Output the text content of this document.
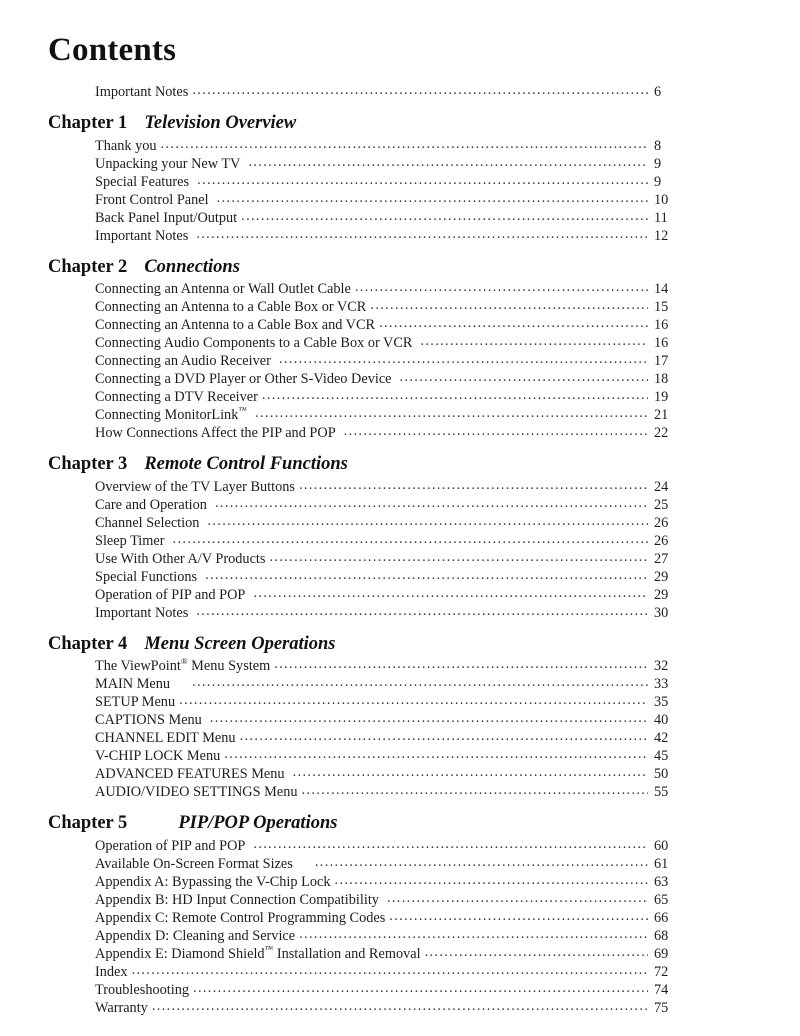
Contents
Important Notes .....	6
Chapter 1 Television Overview
Thank you .....	8
Unpacking your New TV .....	9
Special Features .....	9
Front Control Panel .....	10
Back Panel Input/Output .....	11
Important Notes .....	12
Chapter 2 Connections
Connecting an Antenna or Wall Outlet Cable .....	14
Connecting an Antenna to a Cable Box or VCR .....	15
Connecting an Antenna to a Cable Box and VCR .....	16
Connecting Audio Components to a Cable Box or VCR .....	16
Connecting an Audio Receiver .....	17
Connecting a DVD Player or Other S-Video Device .....	18
Connecting a DTV Receiver .....	19
Connecting MonitorLink™ .....	21
How Connections Affect the PIP and POP .....	22
Chapter 3 Remote Control Functions
Overview of the TV Layer Buttons .....	24
Care and Operation .....	25
Channel Selection .....	26
Sleep Timer .....	26
Use With Other A/V Products .....	27
Special Functions .....	29
Operation of PIP and POP .....	29
Important Notes .....	30
Chapter 4 Menu Screen Operations
The ViewPoint® Menu System .....	32
MAIN Menu .....	33
SETUP Menu .....	35
CAPTIONS Menu .....	40
CHANNEL EDIT Menu .....	42
V-CHIP LOCK Menu .....	45
ADVANCED FEATURES Menu .....	50
AUDIO/VIDEO SETTINGS Menu .....	55
Chapter 5	PIP/POP Operations
Operation of PIP and POP .....	60
Available On-Screen Format Sizes .....	61
Appendix A: Bypassing the V-Chip Lock .....	63
Appendix B: HD Input Connection Compatibility .....	65
Appendix C: Remote Control Programming Codes .....	66
Appendix D: Cleaning and Service .....	68
Appendix E: Diamond Shield™ Installation and Removal .....	69
Index .....	72
Troubleshooting .....	74
Warranty .....	75
